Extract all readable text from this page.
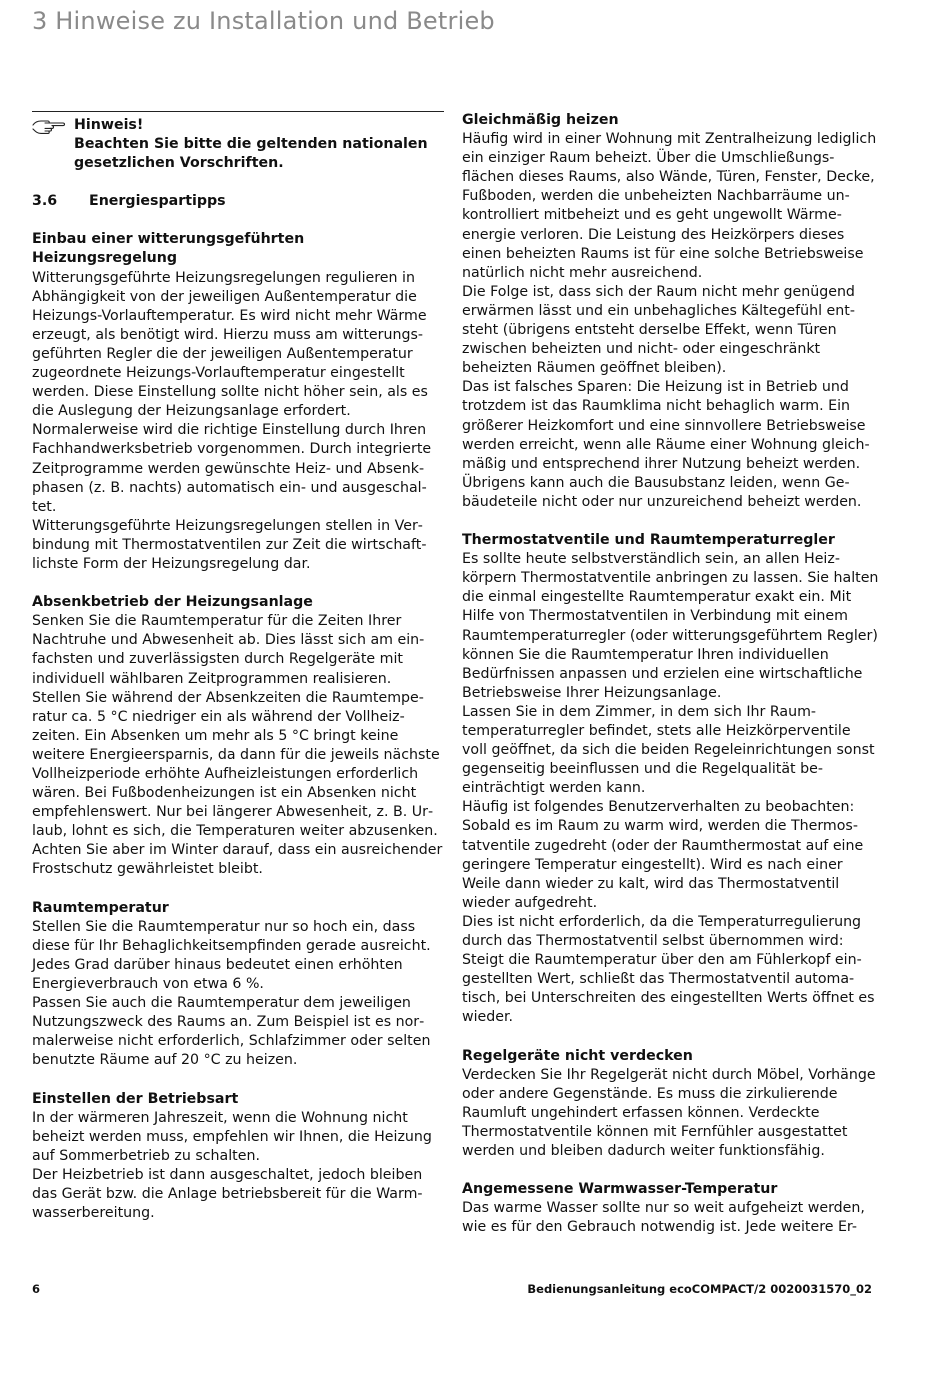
3 Hinweise zu Installation und Betrieb
Hinweis!
Beachten Sie bitte die geltenden nationalen gesetzlichen Vorschriften.
3.6	Energiespartipps
Einbau einer witterungsgeführten Heizungsregelung

Witterungsgeführte Heizungsregelungen regulieren in Abhängigkeit von der jeweiligen Außentemperatur die Heizungs-Vorlauftemperatur. Es wird nicht mehr Wärme erzeugt, als benötigt wird. Hierzu muss am witterungsgeführten Regler die der jeweiligen Außentemperatur zugeordnete Heizungs-Vorlauftemperatur eingestellt werden. Diese Einstellung sollte nicht höher sein, als es die Auslegung der Heizungsanlage erfordert.

Normalerweise wird die richtige Einstellung durch Ihren Fachhandwerksbetrieb vorgenommen. Durch integrierte Zeitprogramme werden gewünschte Heiz- und Absenkphasen (z. B. nachts) automatisch ein- und ausgeschaltet.

Witterungsgeführte Heizungsregelungen stellen in Verbindung mit Thermostatventilen zur Zeit die wirtschaftlichste Form der Heizungsregelung dar.

Absenkbetrieb der Heizungsanlage

Senken Sie die Raumtemperatur für die Zeiten Ihrer Nachtruhe und Abwesenheit ab. Dies lässt sich am einfachsten und zuverlässigsten durch Regelgeräte mit individuell wählbaren Zeitprogrammen realisieren.

Stellen Sie während der Absenkzeiten die Raumtemperatur ca. 5 °C niedriger ein als während der Vollheizzeiten. Ein Absenken um mehr als 5 °C bringt keine weitere Energieersparnis, da dann für die jeweils nächste Vollheizperiode erhöhte Aufheizleistungen erforderlich wären. Bei Fußbodenheizungen ist ein Absenken nicht empfehlenswert. Nur bei längerer Abwesenheit, z. B. Urlaub, lohnt es sich, die Temperaturen weiter abzusenken. Achten Sie aber im Winter darauf, dass ein ausreichender Frostschutz gewährleistet bleibt.

Raumtemperatur

Stellen Sie die Raumtemperatur nur so hoch ein, dass diese für Ihr Behaglichkeitsempfinden gerade ausreicht. Jedes Grad darüber hinaus bedeutet einen erhöhten Energieverbrauch von etwa 6 %.

Passen Sie auch die Raumtemperatur dem jeweiligen Nutzungszweck des Raums an. Zum Beispiel ist es normalerweise nicht erforderlich, Schlafzimmer oder selten benutzte Räume auf 20 °C zu heizen.

Einstellen der Betriebsart

In der wärmeren Jahreszeit, wenn die Wohnung nicht beheizt werden muss, empfehlen wir Ihnen, die Heizung auf Sommerbetrieb zu schalten.

Der Heizbetrieb ist dann ausgeschaltet, jedoch bleiben das Gerät bzw. die Anlage betriebsbereit für die Warmwasserbereitung.

Gleichmäßig heizen

Häufig wird in einer Wohnung mit Zentralheizung lediglich ein einziger Raum beheizt. Über die Umschließungsflächen dieses Raums, also Wände, Türen, Fenster, Decke, Fußboden, werden die unbeheizten Nachbarräume unkontrolliert mitbeheizt und es geht ungewollt Wärmeenergie verloren. Die Leistung des Heizkörpers dieses einen beheizten Raums ist für eine solche Betriebsweise natürlich nicht mehr ausreichend.

Die Folge ist, dass sich der Raum nicht mehr genügend erwärmen lässt und ein unbehagliches Kältegefühl entsteht (übrigens entsteht derselbe Effekt, wenn Türen zwischen beheizten und nicht- oder eingeschränkt beheizten Räumen geöffnet bleiben).

Das ist falsches Sparen: Die Heizung ist in Betrieb und trotzdem ist das Raumklima nicht behaglich warm. Ein größerer Heizkomfort und eine sinnvollere Betriebsweise werden erreicht, wenn alle Räume einer Wohnung gleichmäßig und entsprechend ihrer Nutzung beheizt werden. Übrigens kann auch die Bausubstanz leiden, wenn Gebäudeteile nicht oder nur unzureichend beheizt werden.

Thermostatventile und Raumtemperaturregler

Es sollte heute selbstverständlich sein, an allen Heizkörpern Thermostatventile anbringen zu lassen. Sie halten die einmal eingestellte Raumtemperatur exakt ein. Mit Hilfe von Thermostatventilen in Verbindung mit einem Raumtemperaturregler (oder witterungsgeführtem Regler) können Sie die Raumtemperatur Ihren individuellen Bedürfnissen anpassen und erzielen eine wirtschaftliche Betriebsweise Ihrer Heizungsanlage.

Lassen Sie in dem Zimmer, in dem sich Ihr Raumtemperaturregler befindet, stets alle Heizkörperventile voll geöffnet, da sich die beiden Regeleinrichtungen sonst gegenseitig beeinflussen und die Regelqualität beeinträchtigt werden kann.

Häufig ist folgendes Benutzerverhalten zu beobachten: Sobald es im Raum zu warm wird, werden die Thermostatventile zugedreht (oder der Raumthermostat auf eine geringere Temperatur eingestellt). Wird es nach einer Weile dann wieder zu kalt, wird das Thermostatventil wieder aufgedreht.

Dies ist nicht erforderlich, da die Temperaturregulierung durch das Thermostatventil selbst übernommen wird: Steigt die Raumtemperatur über den am Fühlerkopf eingestellten Wert, schließt das Thermostatventil automatisch, bei Unterschreiten des eingestellten Werts öffnet es wieder.

Regelgeräte nicht verdecken

Verdecken Sie Ihr Regelgerät nicht durch Möbel, Vorhänge oder andere Gegenstände. Es muss die zirkulierende Raumluft ungehindert erfassen können. Verdeckte Thermostatventile können mit Fernfühler ausgestattet werden und bleiben dadurch weiter funktionsfähig.

Angemessene Warmwasser-Temperatur

Das warme Wasser sollte nur so weit aufgeheizt werden, wie es für den Gebrauch notwendig ist. Jede weitere Er-

6	Bedienungsanleitung ecoCOMPACT/2 0020031570_02
